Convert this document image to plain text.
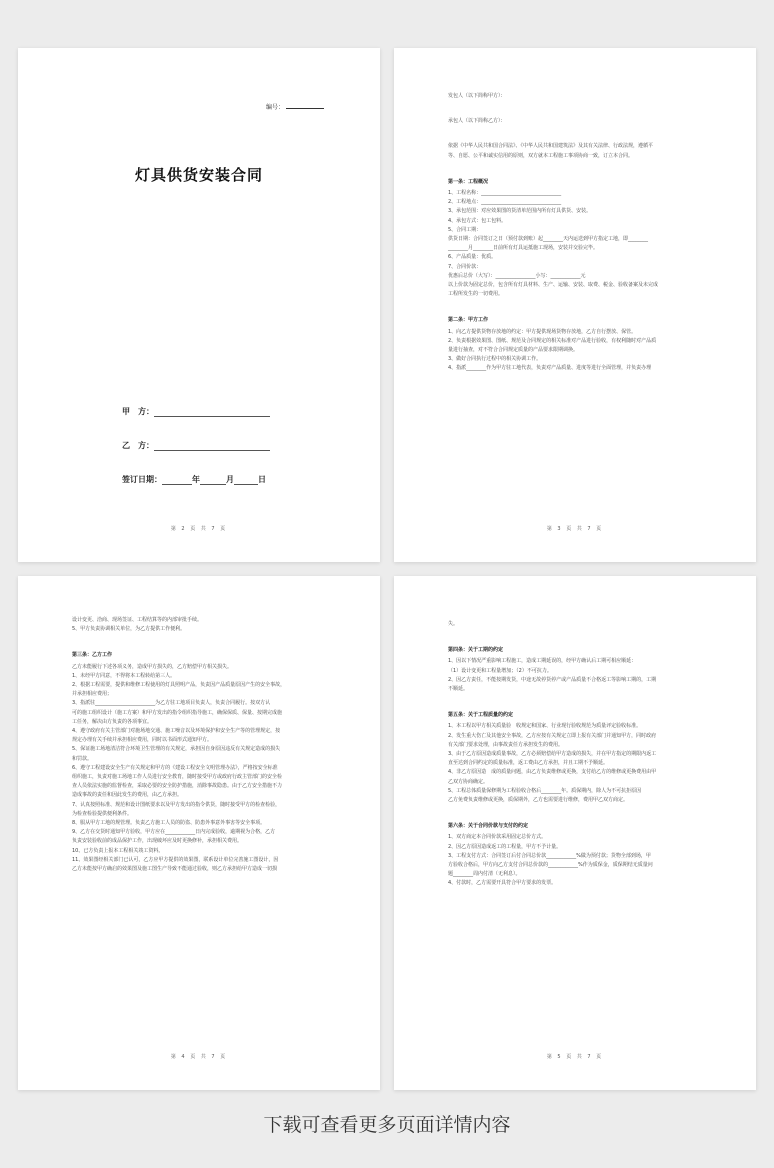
编号：
灯具供货安装合同
甲　方：
乙　方：
签订日期：	年	月	日
第 2 页 共 7 页

发包人（以下简称甲方）：

承包人（以下简称乙方）：

依据《中华人民共和国合同法》、《中华人民共和国建筑法》及其有关法律、行政法规，遵循平

等、自愿、公平和诚实信用的原则，双方就本工程施工事项协商一致，订立本合同。

第一条：工程概况

1、工程名称：________________________________

2、工程地点：________________________________

3、承包范围：对应效果图的货清单范围内所有灯具供货、安装。

4、承包方式：包工包料。

5、合同工期：

供货日期：合同签订之日（预付款到账）起________天内运送到甲方指定工地，即________

________月________日前所有灯具运抵施工现场，安装并交验完毕。

6、产品质量：优质。

7、合同价款：

优惠后总价（大写）：________________小写：____________元

以上价款为固定总价，包含所有灯具材料、生产、运输、安装、取费、税金、验收备案及未完成

工程所发生的一切费用。

第二条：甲方工作

1、向乙方提供货物存放地的约定：甲方提供现场货物存放地，乙方自行摆放、保管。

2、负责根据效果图、图纸、规范及合同规定的相关标准对产品进行验收，有权利随时对产品质

量进行抽查，对不符合合同规定质量的产品要求限期调换。

3、做好合同执行过程中的相关协调工作。

4、指派________作为甲方驻工地代表，负责对产品质量、进度等进行全面管理，并负责办理

第 3 页 共 7 页

设计变更、洽商、现场签证、工程结算等的内部审批手续。

5、甲方负责协调相关单位，为乙方提供工作便利。

第三条：乙方工作

乙方未能履行下述各项义务，造成甲方损失的，乙方赔偿甲方相关损失。

1、未经甲方同意，不得将本工程转给第三人。

2、根据工程需要，提供和维修工程使用的灯具照明产品，负责因产品质量原因产生的安全事故，

并承担相应费用；

3、指派驻________________________为乙方驻工地项目负责人，负责合同履行。按双方认

可的施工组织设计（施工方案）和甲方发出的指令组织指导施工，确保保质、保量、按期完成施

工任务，解决由方负责的各项事宜。

4、遵守政府有关主管部门对施场地交通、施工噪音以及环境保护和安全生产等的管理规定，按

规定办理有关手续并承担相应费用，同时以书面形式通知甲方。

5、保证施工场地清洁符合环境卫生管理的有关规定，承担因自身原因违反有关规定造成的损失

和罚款。

6、遵守工程建设安全生产有关规定和甲方的《建设工程安全文明管理办法》，严格按安全标准

组织施工，负责对施工场地工作人员进行安全教育，随时接受甲方或政府行政主管部门的安全检

查人员依法实施的监督检查，采取必要的安全防护措施，消除事故隐患。由于乙方安全措施不力

造成事故的责任和因此发生的费用，由乙方承担。

7、认真按照标准、规范和设计图纸要求以及甲方发出的指令供货，随时接受甲方的检查检验，

为检查检验提供便利条件。

8、服从甲方工地的规管理。负责乙方施工人员的防盗、防患外事意外事害等安全事项。

9、乙方在交货时通知甲方验收，甲方应在____________日内完成验收，逾期视为合格，乙方

负责安装验收前的成品保护工作，出现破坏应及时更换修补，承担相关费用。

10、已方负责上报本工程相关竣工资料。

11、效果图经相关部门已认可，乙方应甲方提供的效果图，联系设计单位完善施工图设计，因

乙方未能按甲方确启的效果图及施工图生产导致不能通过验收，则乙方承担给甲方造成一切损

第 4 页 共 7 页

失。

第四条：关于工期的约定

1、因以下情况严重影响工程施工，造成工期延误的，经甲方确认后工期可相应顺延：

（1）设计变更和工程量增加；（2）不可抗力。

2、因乙方责任，不能按期发货，中途无故停货停产或产品质量不合格返工等影响工期的，工期

不顺延。

第五条：关于工程质量的约定

1、本工程以甲方相关质量验　收规定和国家、行业现行验收规范为质量评定验收标准。

2、发生重大伤亡及其他安全事故，乙方应按有关规定立即上报有关部门并通知甲方，同时政府

有关部门要求处理，由事故责任方承担发生的费用。

3、由于乙方原因造成质量事故，乙方必须赔偿给甲方造成的损失，并在甲方指定的期限内返工

直至达到合同约定的质量标准，返工费由乙方承担，并且工期不予顺延。

4、非乙方原因造　成的质量问题，由乙方负责维修或更换，支付给乙方的维修或更换费用由甲

乙双方协商确定。

5、工程总体质量保修期为工程验收合格后________年。质保期内，除人为不可抗拒原因

乙方免费负责维修或更换，质保期外，乙方也需要进行维修，费用甲乙双方商定。

第六条：关于合同价款与支付的约定

1、双方商定本合同价款采用固定总价方式。

2、因乙方原因造成返工的工程量，甲方不予计量。

3、工程支付方式：合同签订后付合同总价款____________%做为预付款；货物全部到场，甲

方验收合格后，甲方向乙方支付合同总价款的____________%作为质保金，质保期结无质量问

题________周内付清（无利息）。

4、付款时，乙方需要开具符合甲方要求的发票。

第 5 页 共 7 页
下载可查看更多页面详情内容
